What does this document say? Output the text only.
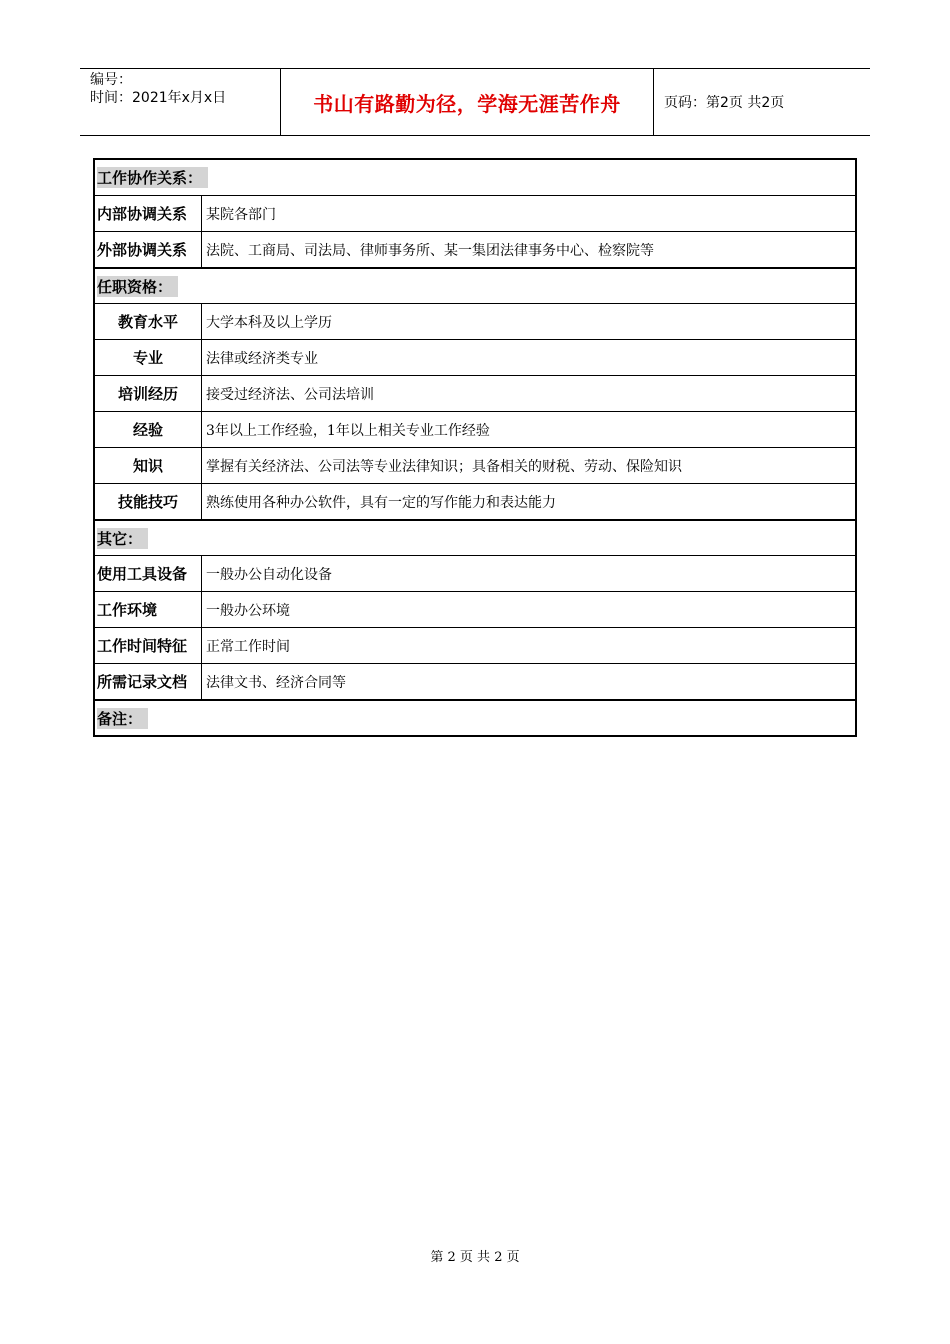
编号：
时间：2021年x月x日	书山有路勤为径，学海无涯苦作舟	页码：第2页 共2页
工作协作关系：
内部协调关系	某院各部门
外部协调关系	法院、工商局、司法局、律师事务所、某一集团法律事务中心、检察院等
任职资格：
教育水平	大学本科及以上学历
专业	法律或经济类专业
培训经历	接受过经济法、公司法培训
经验	3年以上工作经验，1年以上相关专业工作经验
知识	掌握有关经济法、公司法等专业法律知识；具备相关的财税、劳动、保险知识
技能技巧	熟练使用各种办公软件，具有一定的写作能力和表达能力
其它：
使用工具设备	一般办公自动化设备
工作环境	一般办公环境
工作时间特征	正常工作时间
所需记录文档	法律文书、经济合同等
备注：
第 2 页 共 2 页
